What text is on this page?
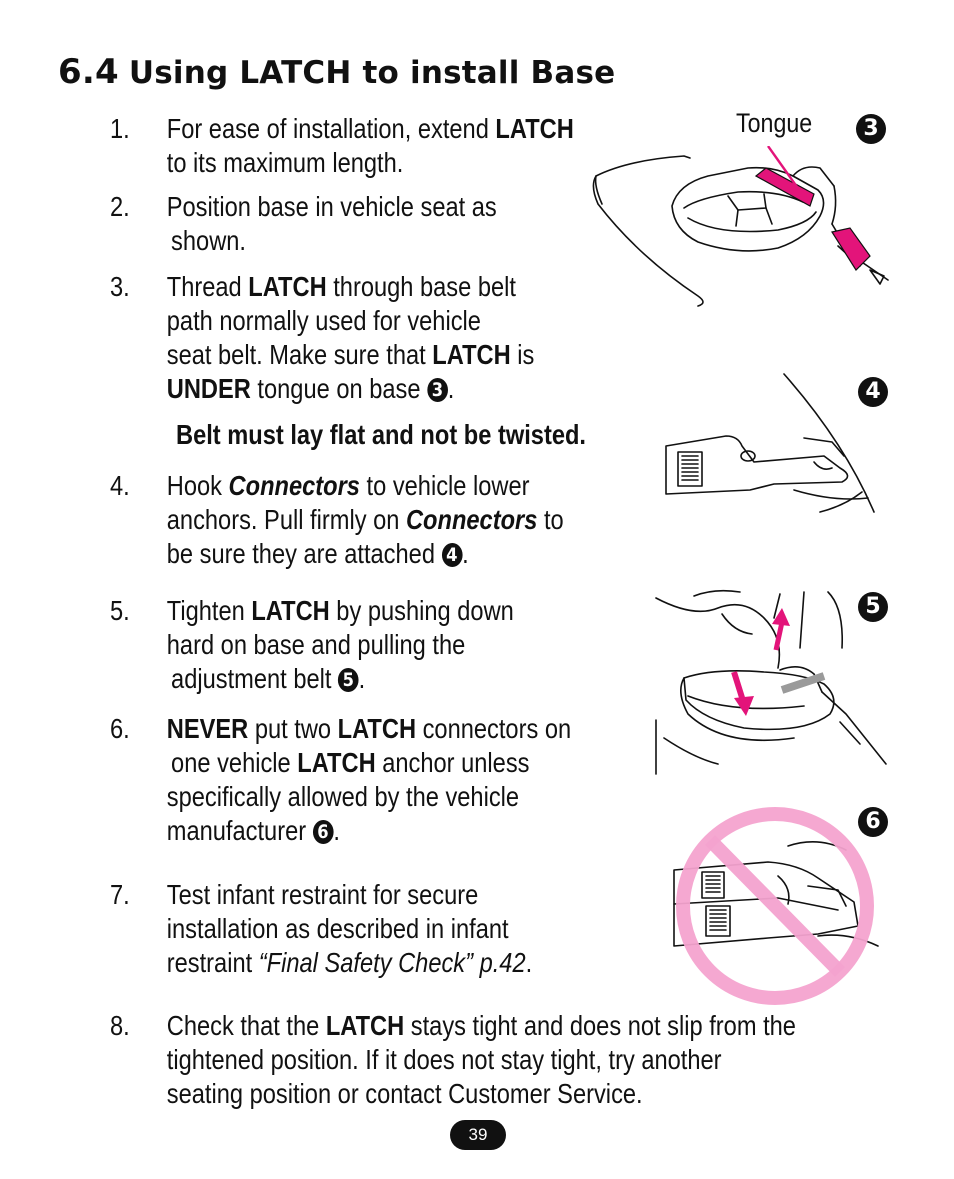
6.4 Using LATCH to install Base
1. For ease of installation, extend LATCH
to its maximum length.
2. Position base in vehicle seat as
shown.
3. Thread LATCH through base belt
path normally used for vehicle
seat belt. Make sure that LATCH is
UNDER tongue on base 3 .
Belt must lay flat and not be twisted.
4. Hook Connectors to vehicle lower
anchors. Pull firmly on Connectors to
be sure they are attached 4 .
5. Tighten LATCH by pushing down
hard on base and pulling the
adjustment belt 5 .
6. NEVER put two LATCH connectors on
one vehicle LATCH anchor unless
specifically allowed by the vehicle
manufacturer 6 .
7. Test infant restraint for secure
installation as described in infant
restraint “Final Safety Check” p.42.
8. Check that the LATCH stays tight and does not slip from the
tightened position. If it does not stay tight, try another
seating position or contact Customer Service.
Tongue	3
4
5
6
39
